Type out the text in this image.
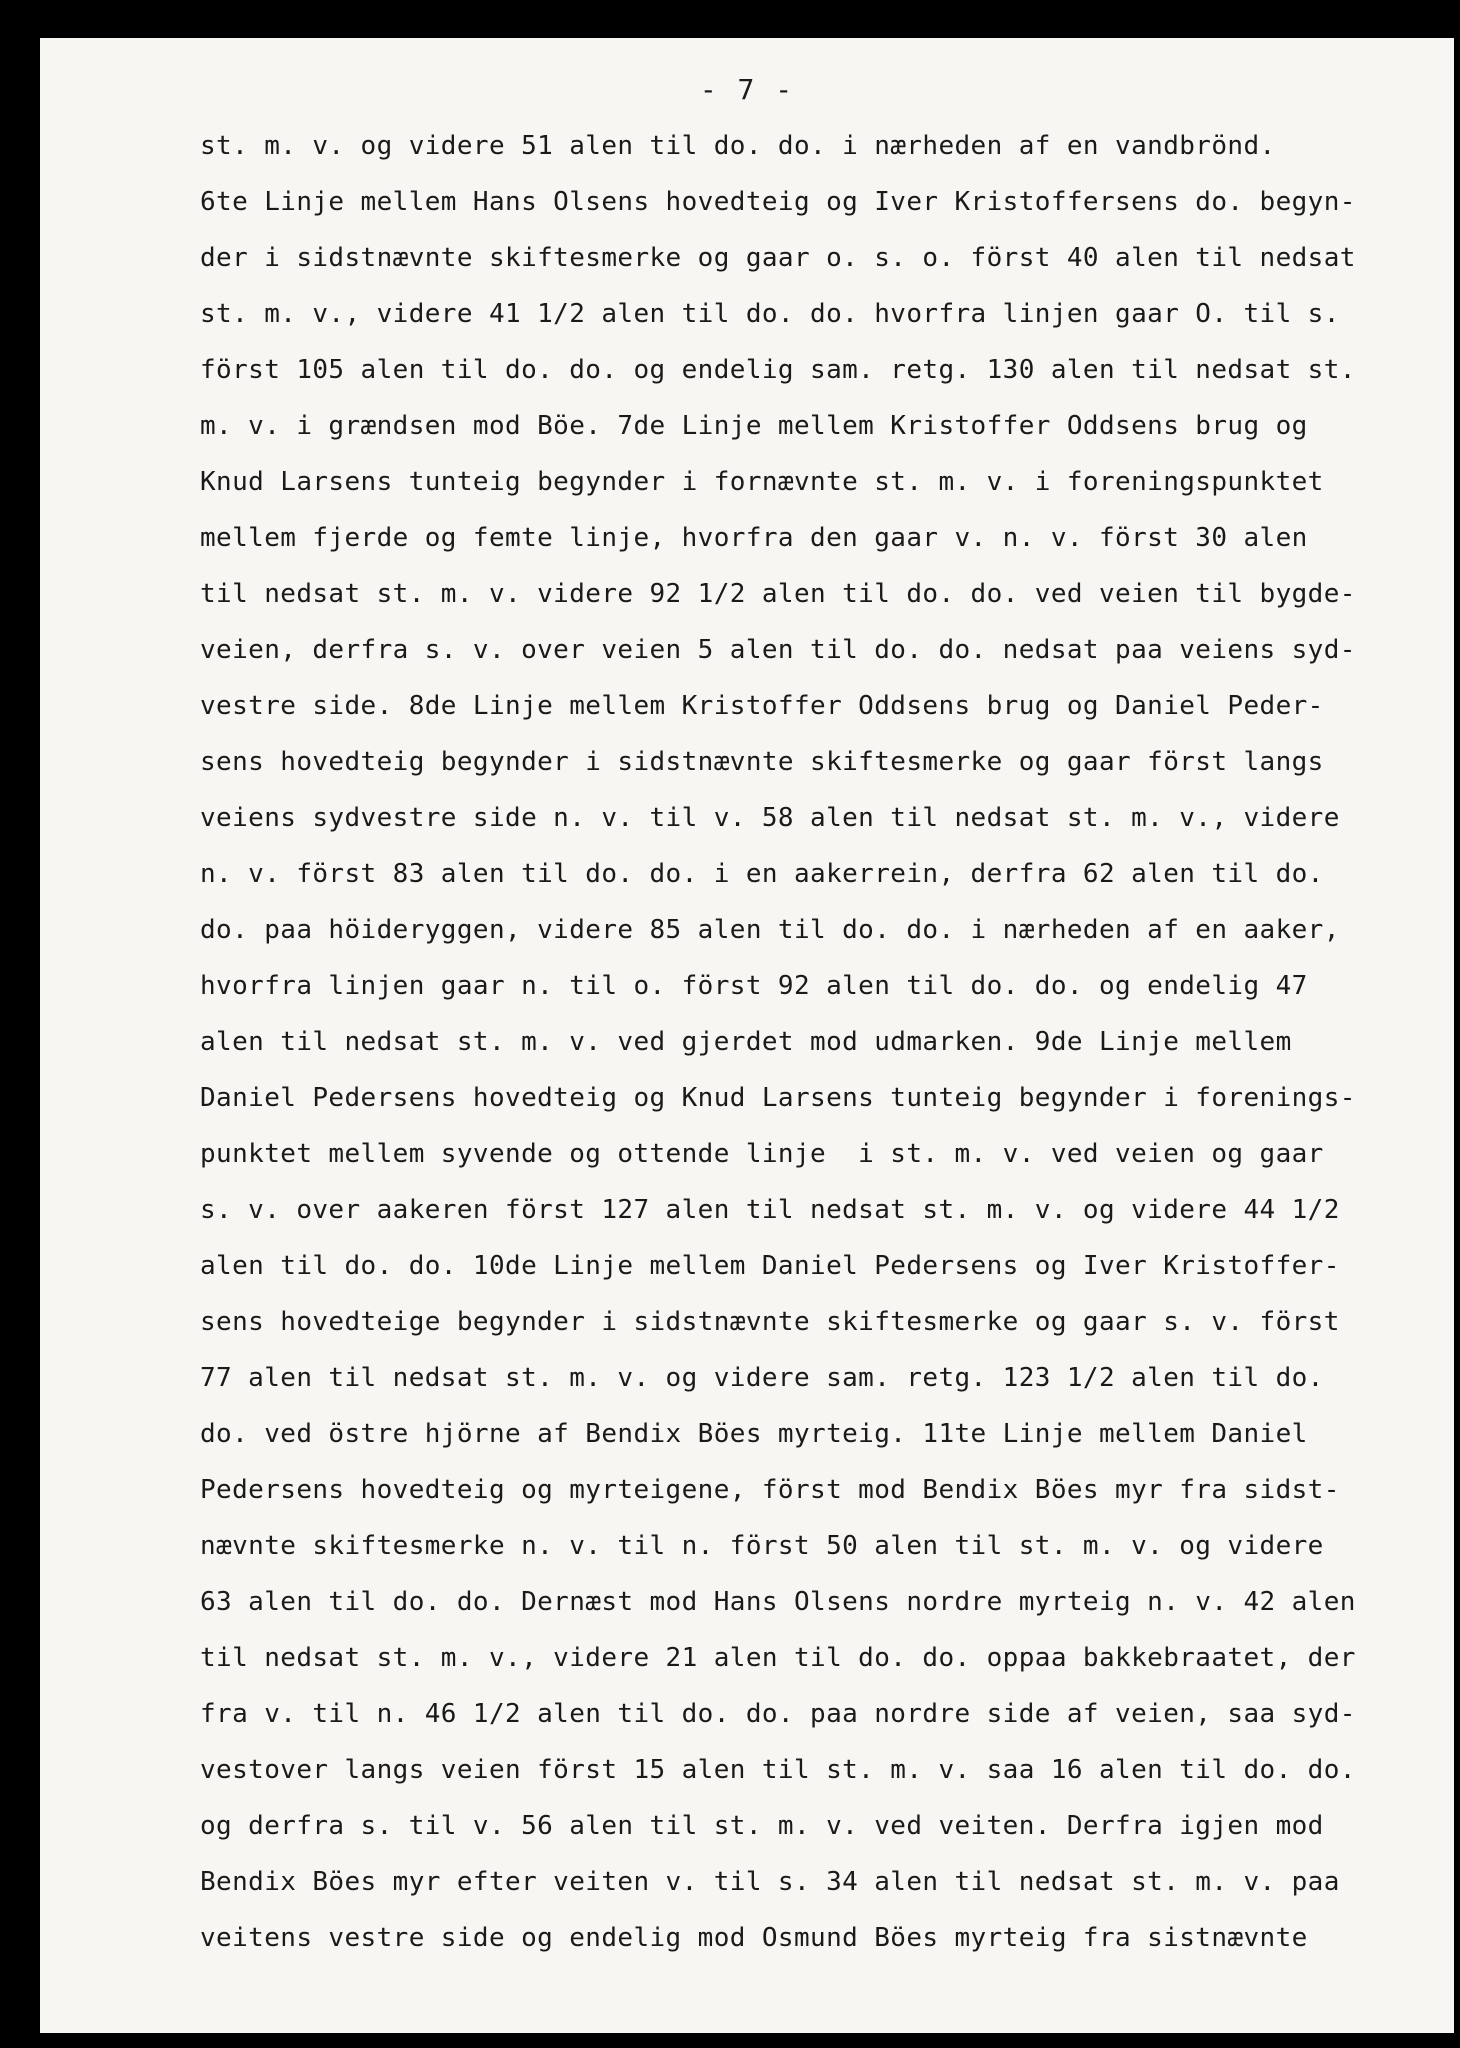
- 7 -
st. m. v. og videre 51 alen til do. do. i nærheden af en vandbrönd.
6te Linje mellem Hans Olsens hovedteig og Iver Kristoffersens do. begyn-
der i sidstnævnte skiftesmerke og gaar o. s. o. först 40 alen til nedsat
st. m. v., videre 41 1/2 alen til do. do. hvorfra linjen gaar O. til s.
först 105 alen til do. do. og endelig sam. retg. 130 alen til nedsat st.
m. v. i grændsen mod Böe. 7de Linje mellem Kristoffer Oddsens brug og
Knud Larsens tunteig begynder i fornævnte st. m. v. i foreningspunktet
mellem fjerde og femte linje, hvorfra den gaar v. n. v. först 30 alen
til nedsat st. m. v. videre 92 1/2 alen til do. do. ved veien til bygde-
veien, derfra s. v. over veien 5 alen til do. do. nedsat paa veiens syd-
vestre side. 8de Linje mellem Kristoffer Oddsens brug og Daniel Peder-
sens hovedteig begynder i sidstnævnte skiftesmerke og gaar först langs
veiens sydvestre side n. v. til v. 58 alen til nedsat st. m. v., videre
n. v. först 83 alen til do. do. i en aakerrein, derfra 62 alen til do.
do. paa höideryggen, videre 85 alen til do. do. i nærheden af en aaker,
hvorfra linjen gaar n. til o. först 92 alen til do. do. og endelig 47
alen til nedsat st. m. v. ved gjerdet mod udmarken. 9de Linje mellem
Daniel Pedersens hovedteig og Knud Larsens tunteig begynder i forenings-
punktet mellem syvende og ottende linje  i st. m. v. ved veien og gaar
s. v. over aakeren först 127 alen til nedsat st. m. v. og videre 44 1/2
alen til do. do. 10de Linje mellem Daniel Pedersens og Iver Kristoffer-
sens hovedteige begynder i sidstnævnte skiftesmerke og gaar s. v. först
77 alen til nedsat st. m. v. og videre sam. retg. 123 1/2 alen til do.
do. ved östre hjörne af Bendix Böes myrteig. 11te Linje mellem Daniel
Pedersens hovedteig og myrteigene, först mod Bendix Böes myr fra sidst-
nævnte skiftesmerke n. v. til n. först 50 alen til st. m. v. og videre
63 alen til do. do. Dernæst mod Hans Olsens nordre myrteig n. v. 42 alen
til nedsat st. m. v., videre 21 alen til do. do. oppaa bakkebraatet, der
fra v. til n. 46 1/2 alen til do. do. paa nordre side af veien, saa syd-
vestover langs veien först 15 alen til st. m. v. saa 16 alen til do. do.
og derfra s. til v. 56 alen til st. m. v. ved veiten. Derfra igjen mod
Bendix Böes myr efter veiten v. til s. 34 alen til nedsat st. m. v. paa
veitens vestre side og endelig mod Osmund Böes myrteig fra sistnævnte
